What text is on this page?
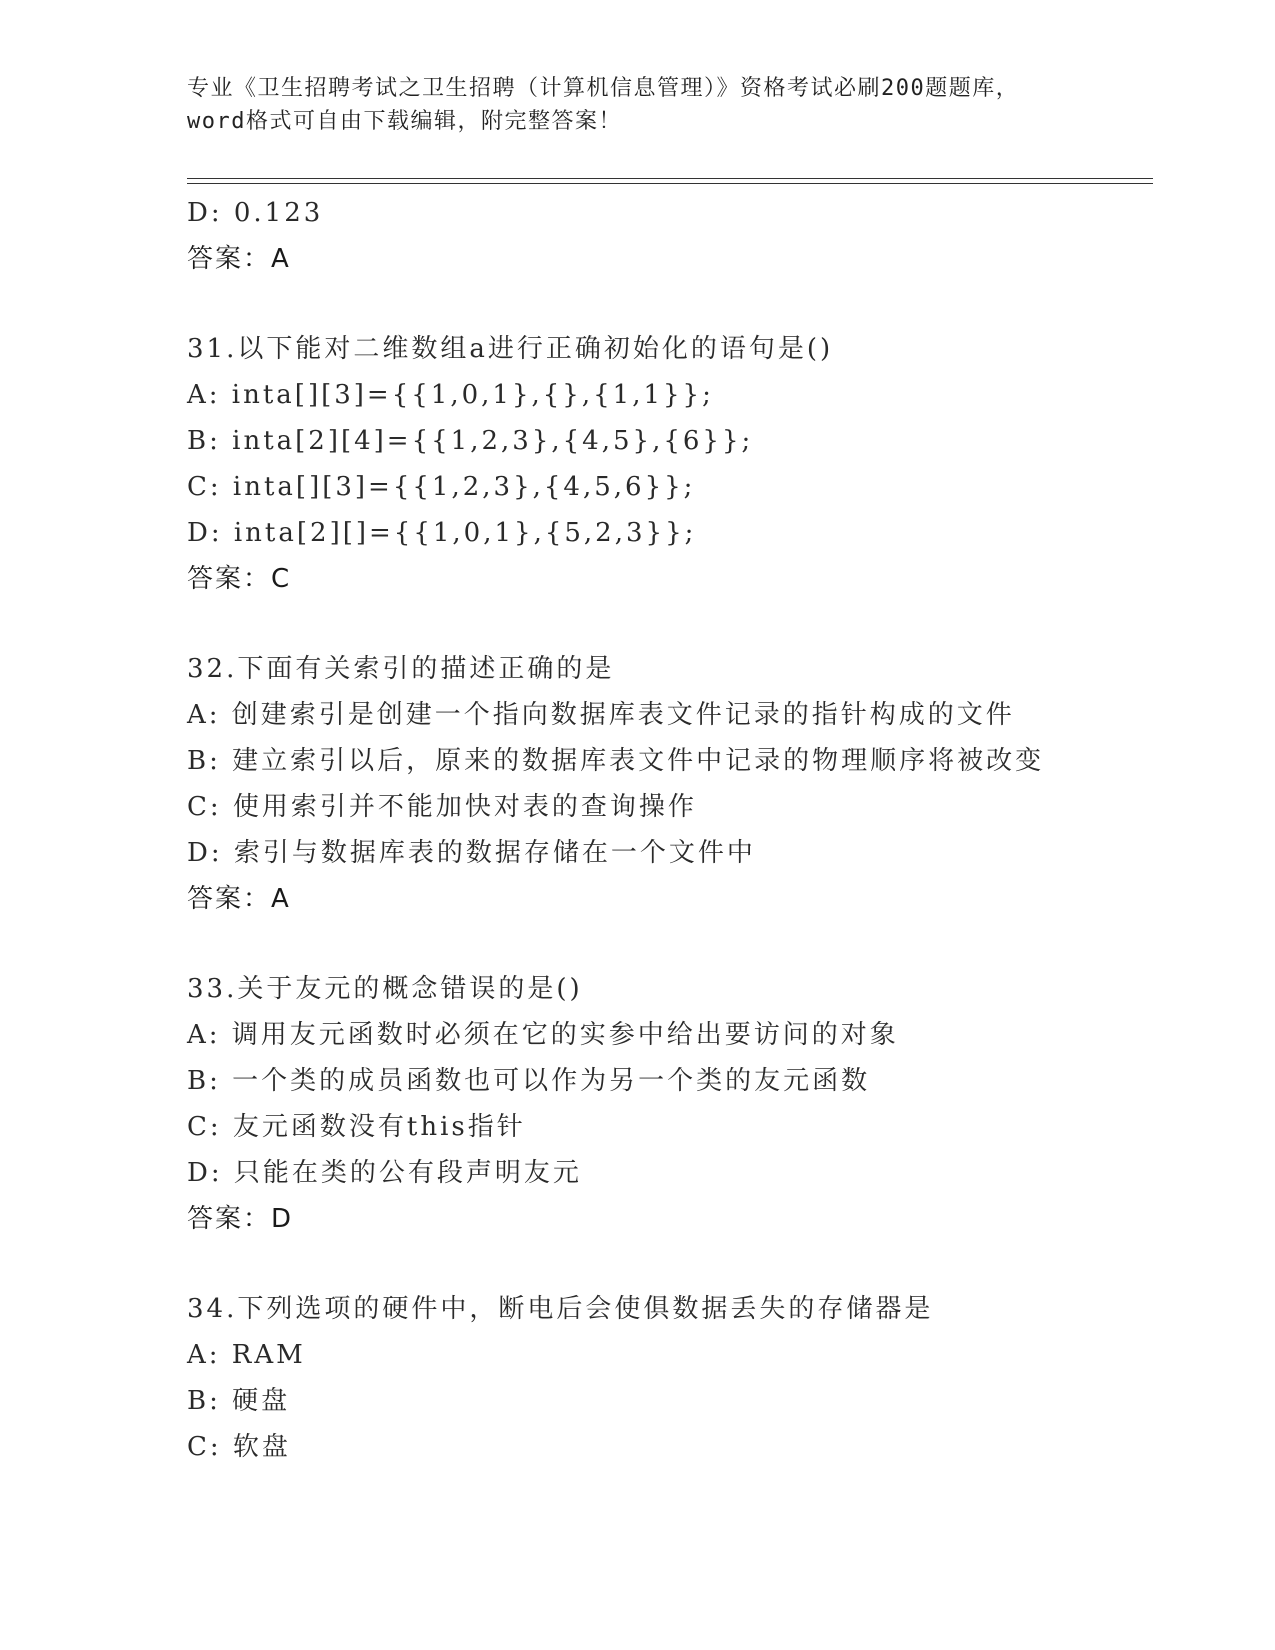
专业《卫生招聘考试之卫生招聘（计算机信息管理）》资格考试必刷200题题库，
word格式可自由下载编辑，附完整答案！
D: 0.123
答案：A
31.以下能对二维数组a进行正确初始化的语句是()
A: inta[][3]={{1,0,1},{},{1,1}};
B: inta[2][4]={{1,2,3},{4,5},{6}};
C: inta[][3]={{1,2,3},{4,5,6}};
D: inta[2][]={{1,0,1},{5,2,3}};
答案：C
32.下面有关索引的描述正确的是
A: 创建索引是创建一个指向数据库表文件记录的指针构成的文件
B: 建立索引以后，原来的数据库表文件中记录的物理顺序将被改变
C: 使用索引并不能加快对表的查询操作
D: 索引与数据库表的数据存储在一个文件中
答案：A
33.关于友元的概念错误的是()
A: 调用友元函数时必须在它的实参中给出要访问的对象
B: 一个类的成员函数也可以作为另一个类的友元函数
C: 友元函数没有this指针
D: 只能在类的公有段声明友元
答案：D
34.下列选项的硬件中，断电后会使俱数据丢失的存储器是
A: RAM
B: 硬盘
C: 软盘
